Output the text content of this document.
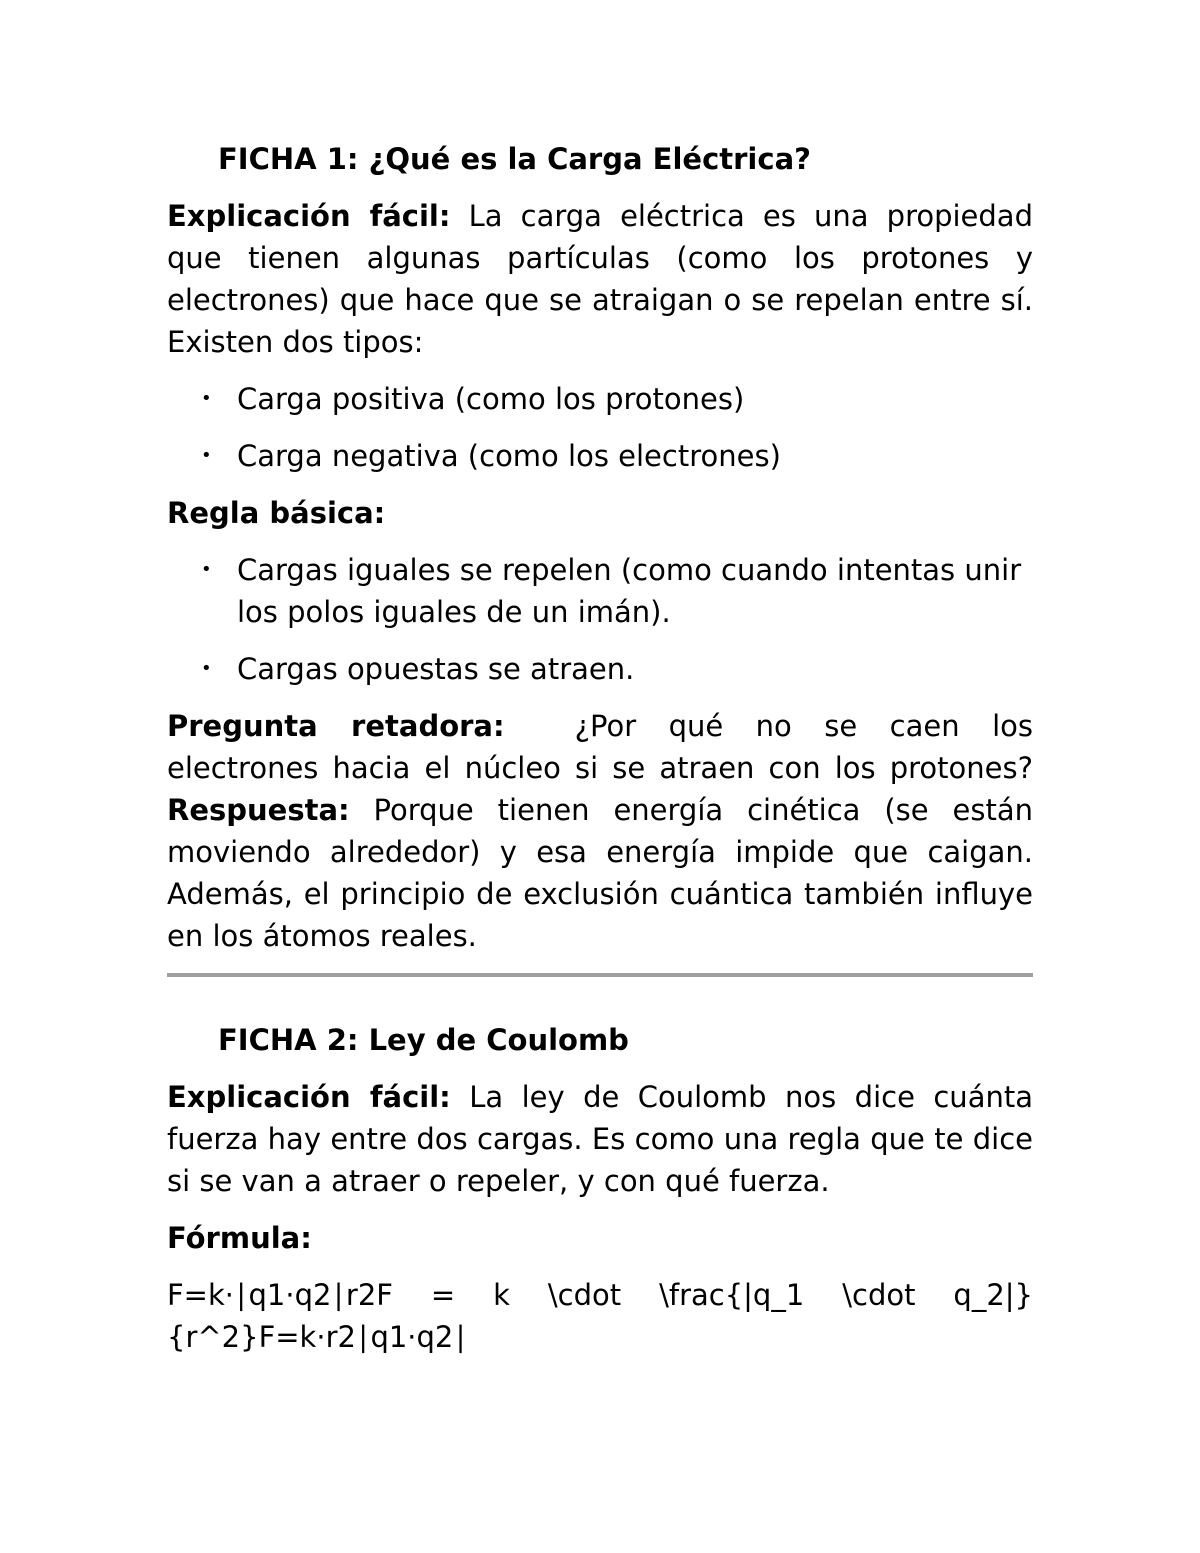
FICHA 1: ¿Qué es la Carga Eléctrica?

Explicación fácil: La carga eléctrica es una propiedad que tienen algunas partículas (como los protones y electrones) que hace que se atraigan o se repelan entre sí. Existen dos tipos:

• Carga positiva (como los protones)
• Carga negativa (como los electrones)

Regla básica:

• Cargas iguales se repelen (como cuando intentas unir los polos iguales de un imán).
• Cargas opuestas se atraen.

Pregunta retadora: ¿Por qué no se caen los electrones hacia el núcleo si se atraen con los protones? Respuesta: Porque tienen energía cinética (se están moviendo alrededor) y esa energía impide que caigan. Además, el principio de exclusión cuántica también influye en los átomos reales.

FICHA 2: Ley de Coulomb

Explicación fácil: La ley de Coulomb nos dice cuánta fuerza hay entre dos cargas. Es como una regla que te dice si se van a atraer o repeler, y con qué fuerza.

Fórmula:

F=k⋅∣q1⋅q2∣r2F = k \cdot \frac{|q_1 \cdot q_2|}{r^2}F=k⋅r2∣q1⋅q2∣
